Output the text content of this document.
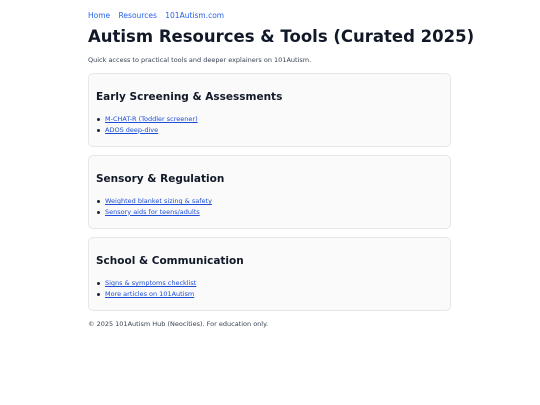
Home Resources 101Autism.com
Autism Resources & Tools (Curated 2025)

Quick access to practical tools and deeper explainers on 101Autism.

Early Screening & Assessments
M-CHAT-R (Toddler screener)
ADOS deep-dive
Sensory & Regulation
Weighted blanket sizing & safety
Sensory aids for teens/adults
School & Communication
Signs & symptoms checklist
More articles on 101Autism

© 2025 101Autism Hub (Neocities). For education only.
